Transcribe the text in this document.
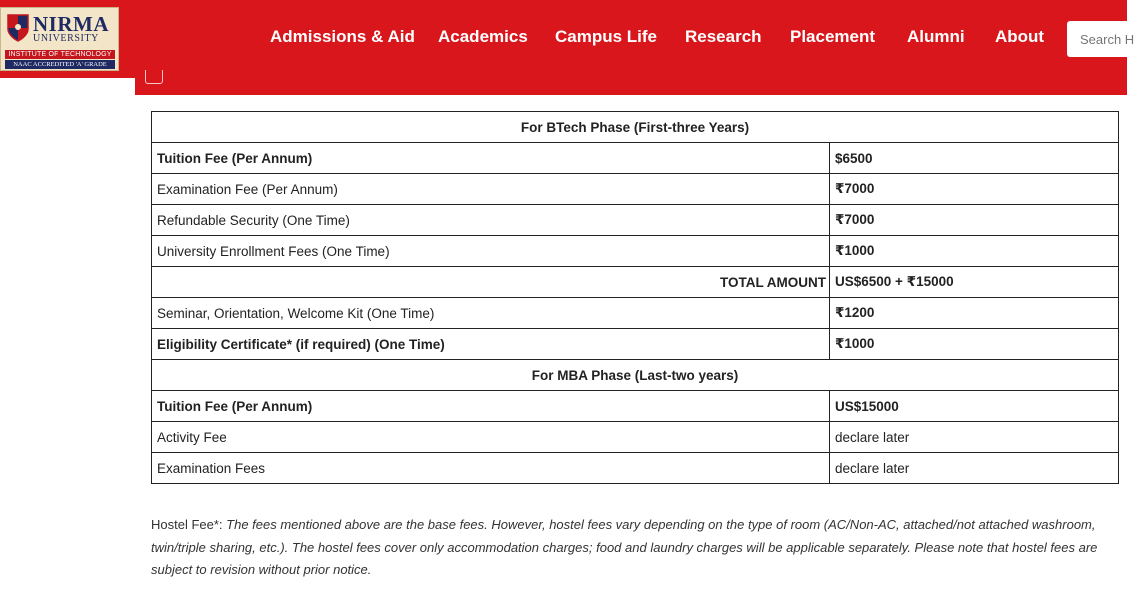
NIRMA
UNIVERSITY
INSTITUTE OF TECHNOLOGY
NAAC ACCREDITED 'A' GRADE
Admissions & Aid Academics Campus Life Research Placement Alumni About	Search H
For BTech Phase (First-three Years)	
Tuition Fee (Per Annum)	$6500
Examination Fee (Per Annum)	₹7000
Refundable Security (One Time)	₹7000
University Enrollment Fees (One Time)	₹1000
TOTAL AMOUNT	US$6500 + ₹15000
Seminar, Orientation, Welcome Kit (One Time)	₹1200
Eligibility Certificate* (if required) (One Time)	₹1000
For MBA Phase (Last-two years)	
Tuition Fee (Per Annum)	US$15000
Activity Fee	declare later
Examination Fees	declare later

Hostel Fee*: The fees mentioned above are the base fees. However, hostel fees vary depending on the type of room (AC/Non-AC, attached/not attached washroom, twin/triple sharing, etc.). The hostel fees cover only accommodation charges; food and laundry charges will be applicable separately. Please note that hostel fees are subject to revision without prior notice.
